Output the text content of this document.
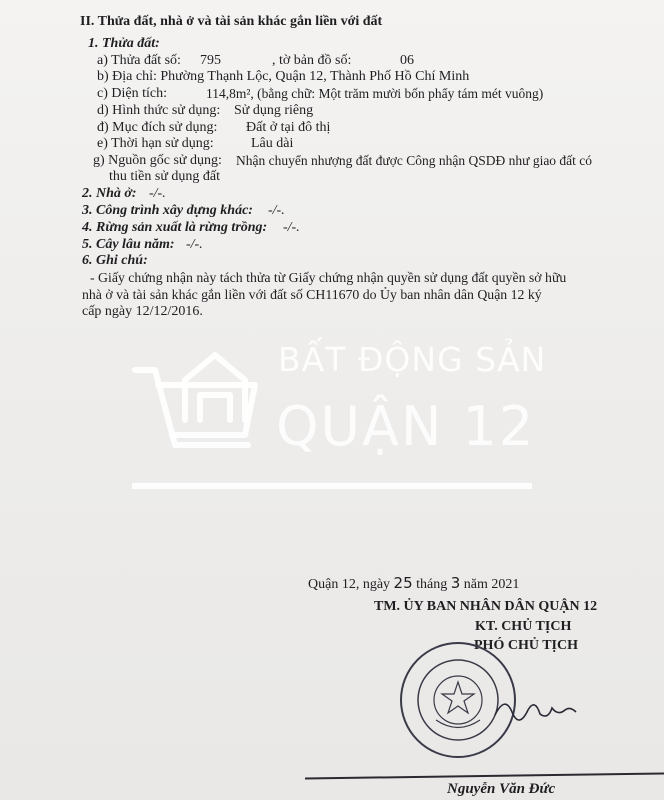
II. Thửa đất, nhà ở và tài sản khác gắn liền với đất
1. Thửa đất:
a) Thửa đất số: 795	, tờ bản đồ số:	06
b) Địa chỉ: Phường Thạnh Lộc, Quận 12, Thành Phố Hồ Chí Minh
c) Diện tích:	114,8m², (bằng chữ: Một trăm mười bốn phẩy tám mét vuông)
d) Hình thức sử dụng: Sử dụng riêng
đ) Mục đích sử dụng: Đất ở tại đô thị
e) Thời hạn sử dụng:	Lâu dài
g) Nguồn gốc sử dụng: Nhận chuyển nhượng đất được Công nhận QSDĐ như giao đất có
thu tiền sử dụng đất
2. Nhà ở: -/-.
3. Công trình xây dựng khác: -/-.
4. Rừng sản xuất là rừng trồng: -/-.
5. Cây lâu năm: -/-.
6. Ghi chú:
- Giấy chứng nhận này tách thửa từ Giấy chứng nhận quyền sử dụng đất quyền sở hữu
nhà ở và tài sản khác gắn liền với đất số CH11670 do Ủy ban nhân dân Quận 12 ký
cấp ngày 12/12/2016.
BẤT ĐỘNG SẢN
QUẬN 12
Quận 12, ngày 25 tháng 3 năm 2021
TM. ỦY BAN NHÂN DÂN QUẬN 12
KT. CHỦ TỊCH
PHÓ CHỦ TỊCH
Nguyễn Văn Đức
